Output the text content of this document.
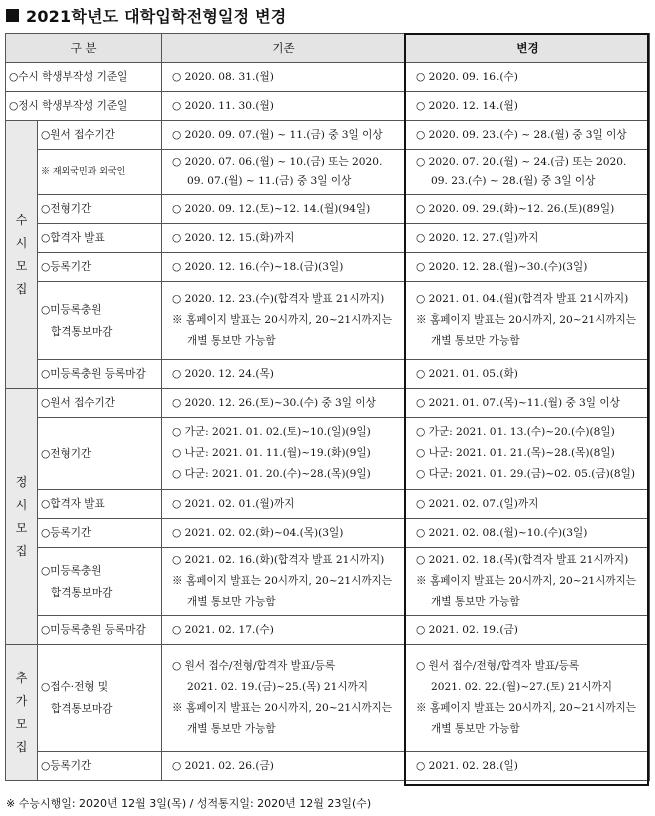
2021학년도 대학입학전형일정 변경
구 분		기존	변경
○수시 학생부작성 기준일		○ 2020. 08. 31.(월)	○ 2020. 09. 16.(수)
○정시 학생부작성 기준일		○ 2020. 11. 30.(월)	○ 2020. 12. 14.(월)

수
시
모
집	○원서 접수기간	○ 2020. 09. 07.(월) ~ 11.(금) 중 3일 이상	○ 2020. 09. 23.(수) ~ 28.(월) 중 3일 이상

	※ 재외국민과 외국인	○ 2020. 07. 06.(월) ~ 10.(금) 또는 2020.
09. 07.(월) ~ 11.(금) 중 3일 이상	○ 2020. 07. 20.(월) ~ 24.(금) 또는 2020.
09. 23.(수) ~ 28.(월) 중 3일 이상

	○전형기간	○ 2020. 09. 12.(토)~12. 14.(월)(94일)	○ 2020. 09. 29.(화)~12. 26.(토)(89일)

	○합격자 발표	○ 2020. 12. 15.(화)까지	○ 2020. 12. 27.(일)까지

	○등록기간	○ 2020. 12. 16.(수)~18.(금)(3일)	○ 2020. 12. 28.(월)~30.(수)(3일)

	○미등록충원
합격통보마감	○ 2020. 12. 23.(수)(합격자 발표 21시까지)
※ 홈페이지 발표는 20시까지, 20~21시까지는
개별 통보만 가능함	○ 2021. 01. 04.(월)(합격자 발표 21시까지)
※ 홈페이지 발표는 20시까지, 20~21시까지는
개별 통보만 가능함

	○미등록충원 등록마감	○ 2020. 12. 24.(목)	○ 2021. 01. 05.(화)

정
시
모
집	○원서 접수기간	○ 2020. 12. 26.(토)~30.(수) 중 3일 이상	○ 2021. 01. 07.(목)~11.(월) 중 3일 이상

	○전형기간	○ 가군: 2021. 01. 02.(토)~10.(일)(9일)
○ 나군: 2021. 01. 11.(월)~19.(화)(9일)
○ 다군: 2021. 01. 20.(수)~28.(목)(9일)	○ 가군: 2021. 01. 13.(수)~20.(수)(8일)
○ 나군: 2021. 01. 21.(목)~28.(목)(8일)
○ 다군: 2021. 01. 29.(금)~02. 05.(금)(8일)

	○합격자 발표	○ 2021. 02. 01.(월)까지	○ 2021. 02. 07.(일)까지

	○등록기간	○ 2021. 02. 02.(화)~04.(목)(3일)	○ 2021. 02. 08.(월)~10.(수)(3일)

	○미등록충원
합격통보마감	○ 2021. 02. 16.(화)(합격자 발표 21시까지)
※ 홈페이지 발표는 20시까지, 20~21시까지는
개별 통보만 가능함	○ 2021. 02. 18.(목)(합격자 발표 21시까지)
※ 홈페이지 발표는 20시까지, 20~21시까지는
개별 통보만 가능함

	○미등록충원 등록마감	○ 2021. 02. 17.(수)	○ 2021. 02. 19.(금)

추
가
모
집	○접수·전형 및
합격통보마감	○ 원서 접수/전형/합격자 발표/등록
2021. 02. 19.(금)~25.(목) 21시까지
※ 홈페이지 발표는 20시까지, 20~21시까지는
개별 통보만 가능함	○ 원서 접수/전형/합격자 발표/등록
2021. 02. 22.(월)~27.(토) 21시까지
※ 홈페이지 발표는 20시까지, 20~21시까지는
개별 통보만 가능함

	○등록기간	○ 2021. 02. 26.(금)	○ 2021. 02. 28.(일)
※ 수능시행일: 2020년 12월 3일(목) / 성적통지일: 2020년 12월 23일(수)
